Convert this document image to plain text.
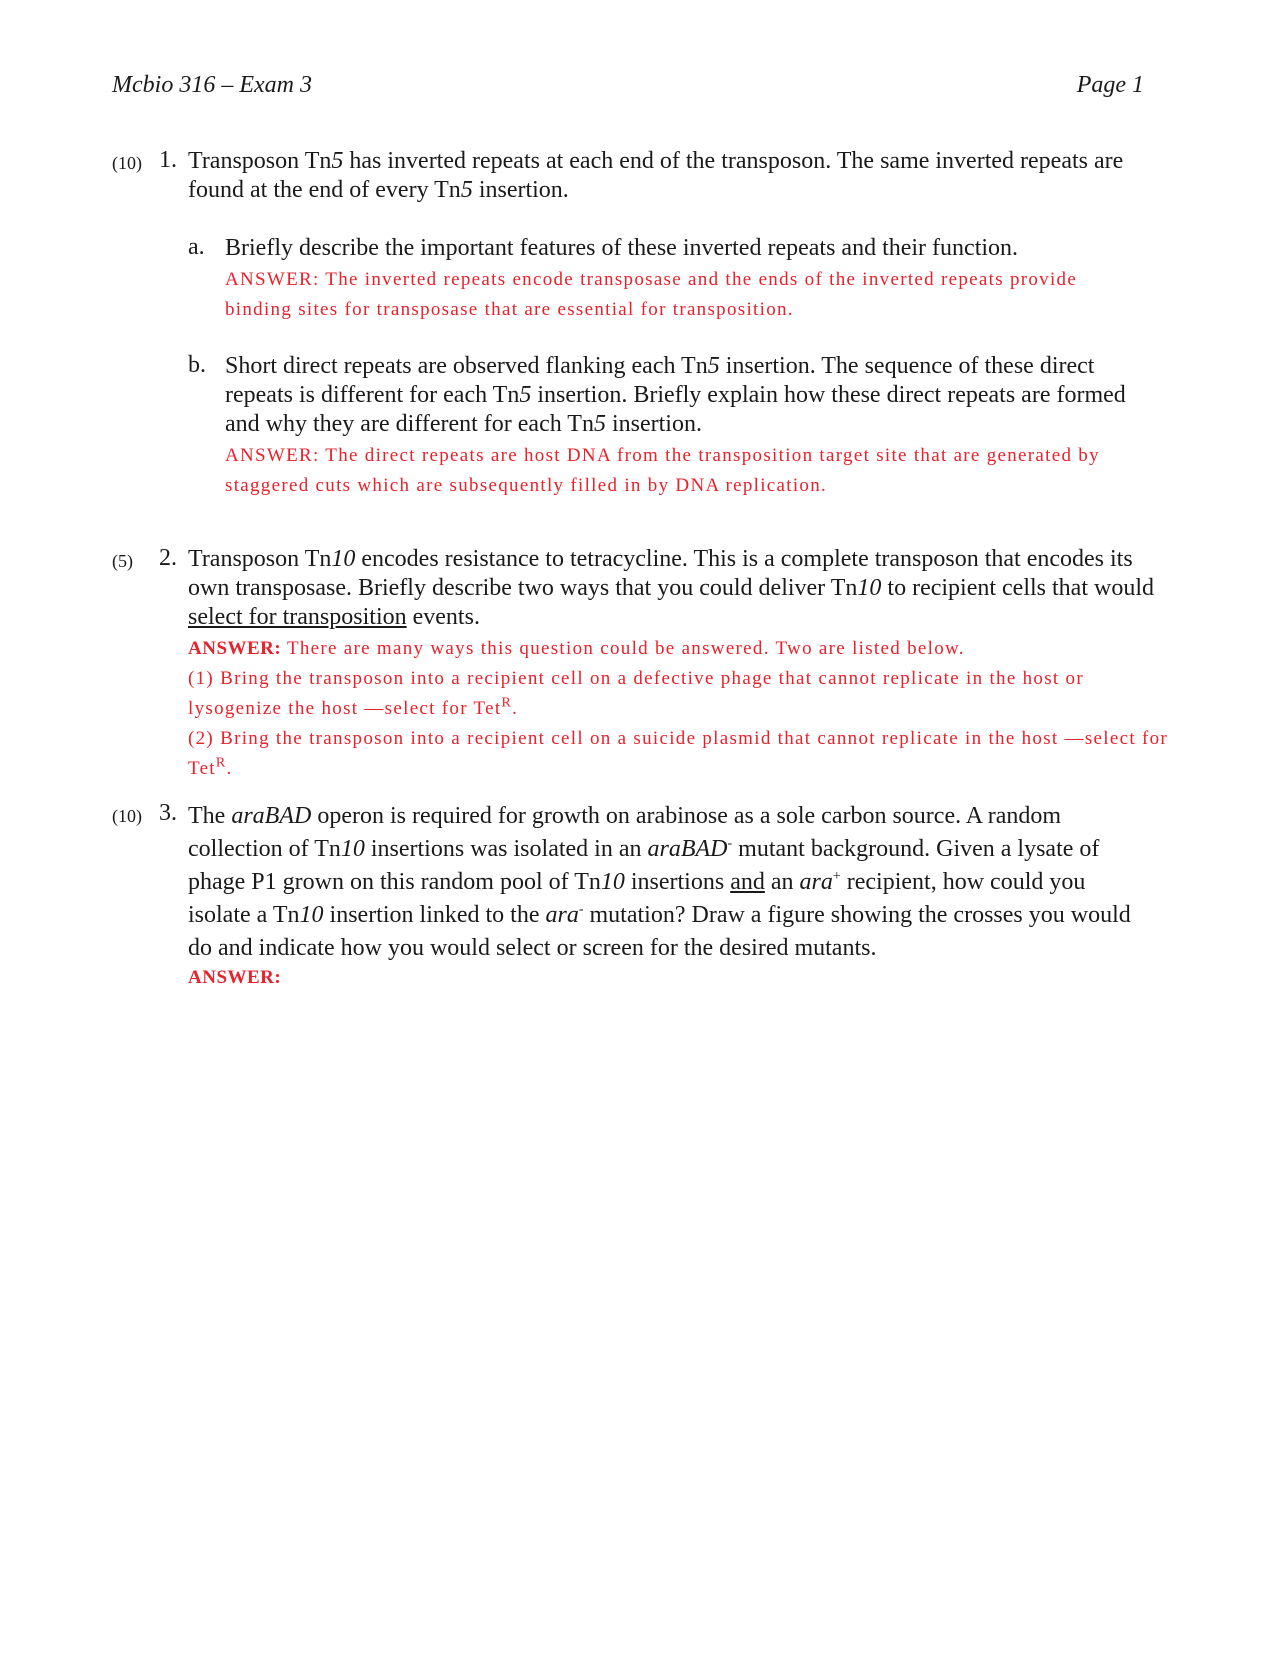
Mcbio 316 – Exam 3	Page 1
(10) 1. Transposon Tn5 has inverted repeats at each end of the transposon. The same inverted repeats are found at the end of every Tn5 insertion.
a. Briefly describe the important features of these inverted repeats and their function.
ANSWER: The inverted repeats encode transposase and the ends of the inverted repeats provide binding sites for transposase that are essential for transposition.
b. Short direct repeats are observed flanking each Tn5 insertion. The sequence of these direct repeats is different for each Tn5 insertion. Briefly explain how these direct repeats are formed and why they are different for each Tn5 insertion.
ANSWER: The direct repeats are host DNA from the transposition target site that are generated by staggered cuts which are subsequently filled in by DNA replication.
(5) 2. Transposon Tn10 encodes resistance to tetracycline. This is a complete transposon that encodes its own transposase. Briefly describe two ways that you could deliver Tn10 to recipient cells that would select for transposition events.
ANSWER: There are many ways this question could be answered. Two are listed below.
(1) Bring the transposon into a recipient cell on a defective phage that cannot replicate in the host or lysogenize the host —select for Tet$^R$.
(2) Bring the transposon into a recipient cell on a suicide plasmid that cannot replicate in the host —select for Tet$^R$.
(10) 3. The araBAD operon is required for growth on arabinose as a sole carbon source. A random collection of Tn10 insertions was isolated in an araBAD- mutant background. Given a lysate of phage P1 grown on this random pool of Tn10 insertions and an ara+ recipient, how could you isolate a Tn10 insertion linked to the ara- mutation? Draw a figure showing the crosses you would do and indicate how you would select or screen for the desired mutants.
ANSWER:
